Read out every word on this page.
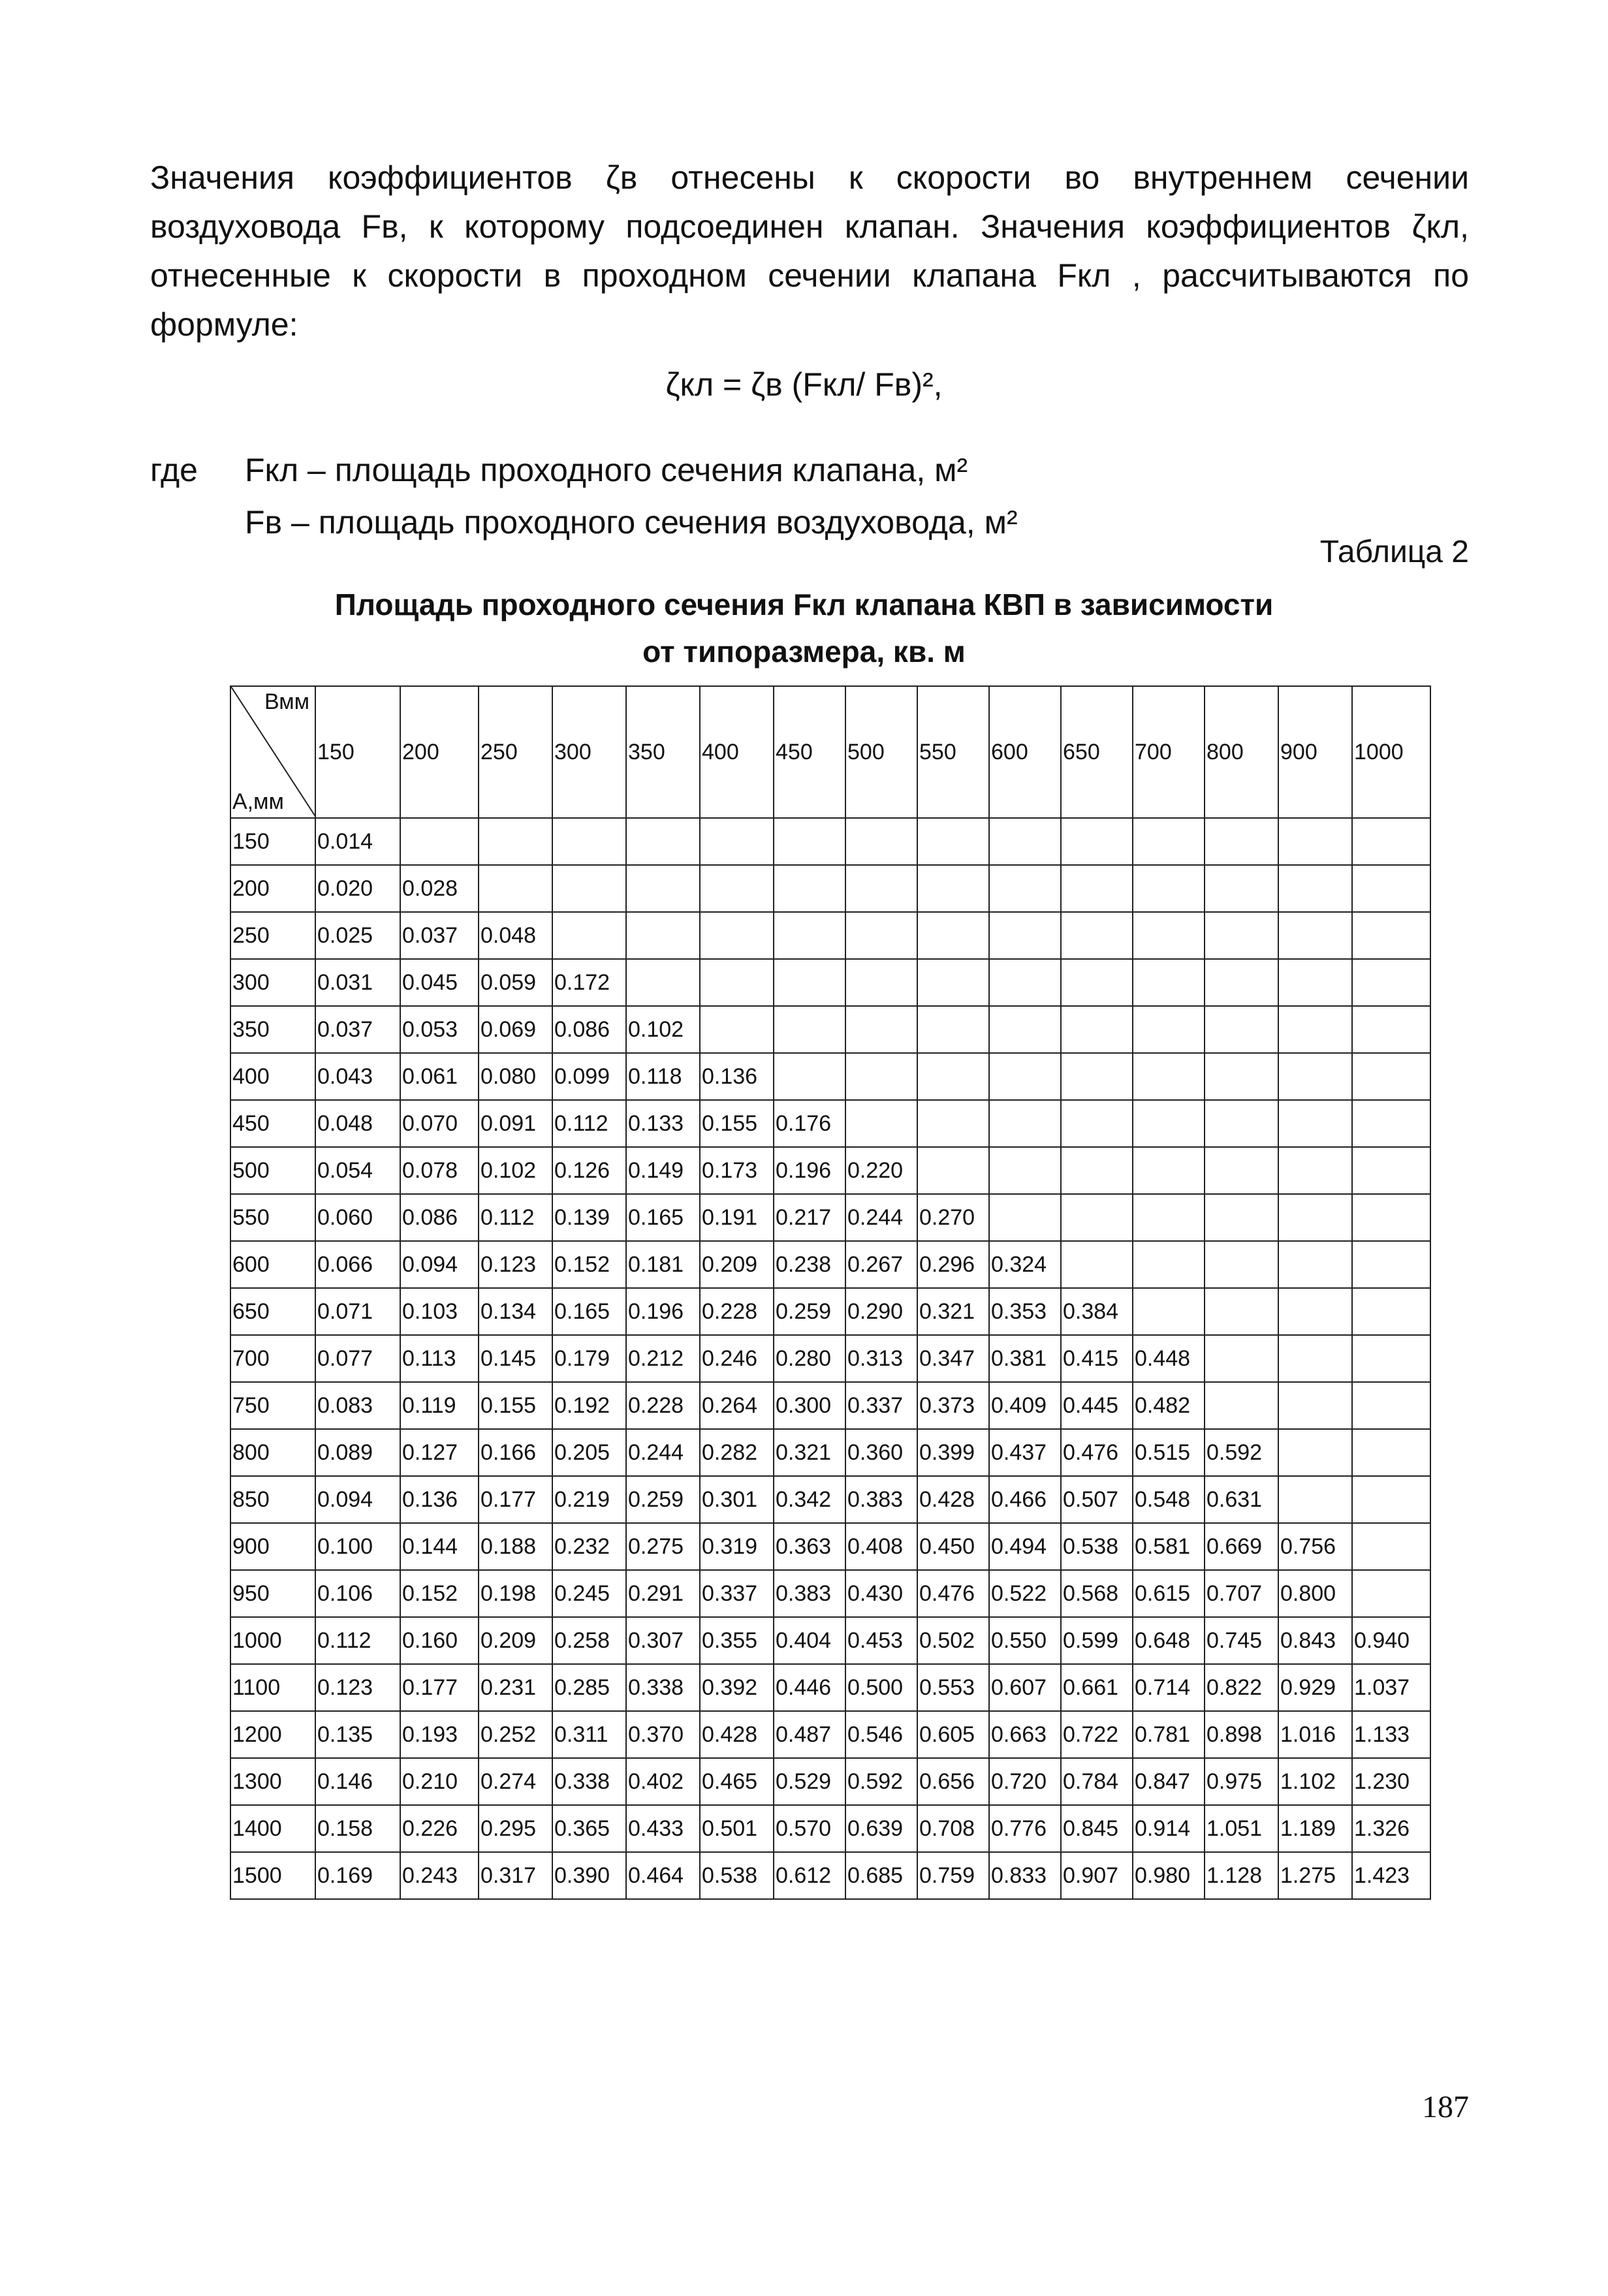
Значения коэффициентов ζв отнесены к скорости во внутреннем сечении
воздуховода Fв, к которому подсоединен клапан. Значения коэффициентов ζкл,
отнесенные к скорости в проходном сечении клапана Fкл , рассчитываются по
формуле:
ζкл = ζв (Fкл/ Fв)²,
где Fкл – площадь проходного сечения клапана, м²
Fв – площадь проходного сечения воздуховода, м²
Таблица 2
Площадь проходного сечения Fкл клапана КВП в зависимости
от типоразмера, кв. м
Вмм
А,мм	150	200	250	300	350	400	450	500	550	600	650	700	800	900	1000
150	0.014														
200	0.020	0.028													
250	0.025	0.037	0.048												
300	0.031	0.045	0.059	0.172											
350	0.037	0.053	0.069	0.086	0.102										
400	0.043	0.061	0.080	0.099	0.118	0.136									
450	0.048	0.070	0.091	0.112	0.133	0.155	0.176								
500	0.054	0.078	0.102	0.126	0.149	0.173	0.196	0.220							
550	0.060	0.086	0.112	0.139	0.165	0.191	0.217	0.244	0.270						
600	0.066	0.094	0.123	0.152	0.181	0.209	0.238	0.267	0.296	0.324					
650	0.071	0.103	0.134	0.165	0.196	0.228	0.259	0.290	0.321	0.353	0.384				
700	0.077	0.113	0.145	0.179	0.212	0.246	0.280	0.313	0.347	0.381	0.415	0.448			
750	0.083	0.119	0.155	0.192	0.228	0.264	0.300	0.337	0.373	0.409	0.445	0.482			
800	0.089	0.127	0.166	0.205	0.244	0.282	0.321	0.360	0.399	0.437	0.476	0.515	0.592		
850	0.094	0.136	0.177	0.219	0.259	0.301	0.342	0.383	0.428	0.466	0.507	0.548	0.631		
900	0.100	0.144	0.188	0.232	0.275	0.319	0.363	0.408	0.450	0.494	0.538	0.581	0.669	0.756	
950	0.106	0.152	0.198	0.245	0.291	0.337	0.383	0.430	0.476	0.522	0.568	0.615	0.707	0.800	
1000	0.112	0.160	0.209	0.258	0.307	0.355	0.404	0.453	0.502	0.550	0.599	0.648	0.745	0.843	0.940
1100	0.123	0.177	0.231	0.285	0.338	0.392	0.446	0.500	0.553	0.607	0.661	0.714	0.822	0.929	1.037
1200	0.135	0.193	0.252	0.311	0.370	0.428	0.487	0.546	0.605	0.663	0.722	0.781	0.898	1.016	1.133
1300	0.146	0.210	0.274	0.338	0.402	0.465	0.529	0.592	0.656	0.720	0.784	0.847	0.975	1.102	1.230
1400	0.158	0.226	0.295	0.365	0.433	0.501	0.570	0.639	0.708	0.776	0.845	0.914	1.051	1.189	1.326
1500	0.169	0.243	0.317	0.390	0.464	0.538	0.612	0.685	0.759	0.833	0.907	0.980	1.128	1.275	1.423
187
